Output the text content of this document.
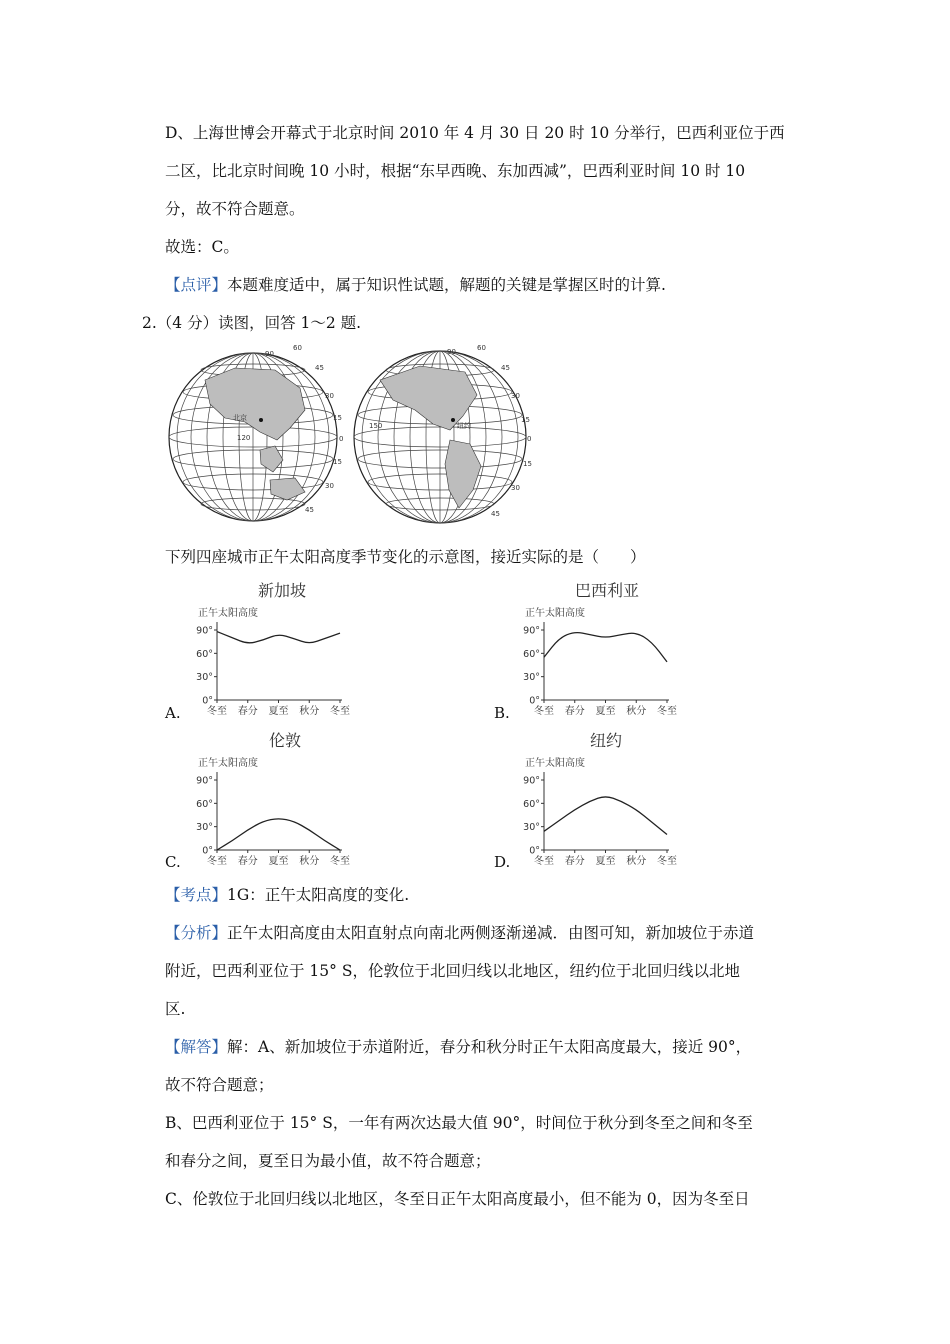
D、上海世博会开幕式于北京时间 2010 年 4 月 30 日 20 时 10 分举行，巴西利亚位于西
二区，比北京时间晚 10 小时，根据“东早西晚、东加西减”，巴西利亚时间 10 时 10
分，故不符合题意。
故选：C。
【点评】本题难度适中，属于知识性试题，解题的关键是掌握区时的计算.
2.（4 分）读图，回答 1～2 题.
90
60
45
30
15
0
15
30
45
120
北京
90	60
45
30
15
0
15
30
45
150	纽约
下列四座城市正午太阳高度季节变化的示意图，接近实际的是（　　）
新加坡	巴西利亚
伦敦	纽约
正午太阳高度
90°
60°
30°
0°
冬至 春分 夏至 秋分 冬至
正午太阳高度
90°
60°
30°
0°
冬至 春分 夏至 秋分 冬至
正午太阳高度
90°
60°
30°
0°
冬至 春分 夏至 秋分 冬至
正午太阳高度
90°
60°
30°
0°
冬至 春分 夏至 秋分 冬至
A.	B.
C.	D.
【考点】1G：正午太阳高度的变化.
【分析】正午太阳高度由太阳直射点向南北两侧逐渐递减．由图可知，新加坡位于赤道
附近，巴西利亚位于 15° S，伦敦位于北回归线以北地区，纽约位于北回归线以北地
区.
【解答】解：A、新加坡位于赤道附近，春分和秋分时正午太阳高度最大，接近 90°，
故不符合题意；
B、巴西利亚位于 15° S，一年有两次达最大值 90°，时间位于秋分到冬至之间和冬至
和春分之间，夏至日为最小值，故不符合题意；
C、伦敦位于北回归线以北地区，冬至日正午太阳高度最小，但不能为 0，因为冬至日
